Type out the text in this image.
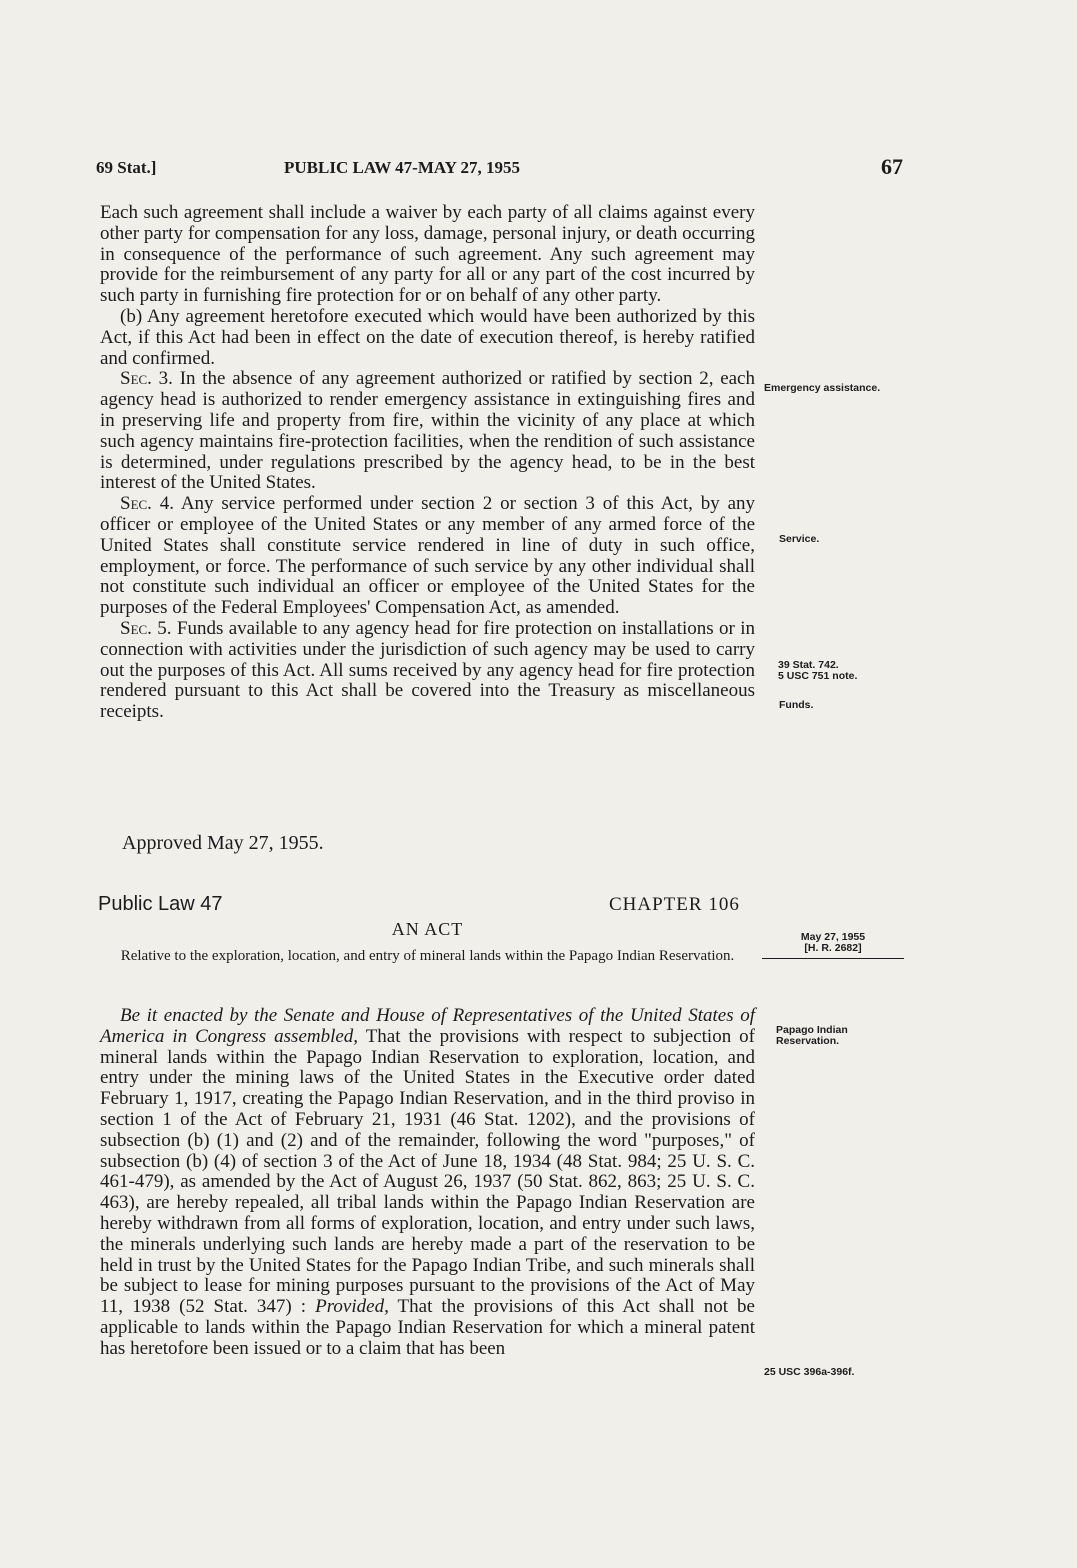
69 Stat.]	PUBLIC LAW 47-MAY 27, 1955	67

Each such agreement shall include a waiver by each party of all claims against every other party for compensation for any loss, damage, personal injury, or death occurring in consequence of the performance of such agreement. Any such agreement may provide for the reimbursement of any party for all or any part of the cost incurred by such party in furnishing fire protection for or on behalf of any other party.

(b) Any agreement heretofore executed which would have been authorized by this Act, if this Act had been in effect on the date of execution thereof, is hereby ratified and confirmed.

Sec. 3. In the absence of any agreement authorized or ratified by section 2, each agency head is authorized to render emergency assistance in extinguishing fires and in preserving life and property from fire, within the vicinity of any place at which such agency maintains fire-protection facilities, when the rendition of such assistance is determined, under regulations prescribed by the agency head, to be in the best interest of the United States.

Sec. 4. Any service performed under section 2 or section 3 of this Act, by any officer or employee of the United States or any member of any armed force of the United States shall constitute service rendered in line of duty in such office, employment, or force. The performance of such service by any other individual shall not constitute such individual an officer or employee of the United States for the purposes of the Federal Employees' Compensation Act, as amended.

Sec. 5. Funds available to any agency head for fire protection on installations or in connection with activities under the jurisdiction of such agency may be used to carry out the purposes of this Act. All sums received by any agency head for fire protection rendered pursuant to this Act shall be covered into the Treasury as miscellaneous receipts.

Approved May 27, 1955.
Public Law 47	CHAPTER 106
AN ACT
Relative to the exploration, location, and entry of mineral lands within the Papago Indian Reservation.

Be it enacted by the Senate and House of Representatives of the United States of America in Congress assembled, That the provisions with respect to subjection of mineral lands within the Papago Indian Reservation to exploration, location, and entry under the mining laws of the United States in the Executive order dated February 1, 1917, creating the Papago Indian Reservation, and in the third proviso in section 1 of the Act of February 21, 1931 (46 Stat. 1202), and the provisions of subsection (b) (1) and (2) and of the remainder, following the word "purposes," of subsection (b) (4) of section 3 of the Act of June 18, 1934 (48 Stat. 984; 25 U. S. C. 461-479), as amended by the Act of August 26, 1937 (50 Stat. 862, 863; 25 U. S. C. 463), are hereby repealed, all tribal lands within the Papago Indian Reservation are hereby withdrawn from all forms of exploration, location, and entry under such laws, the minerals underlying such lands are hereby made a part of the reservation to be held in trust by the United States for the Papago Indian Tribe, and such minerals shall be subject to lease for mining purposes pursuant to the provisions of the Act of May 11, 1938 (52 Stat. 347) : Provided, That the provisions of this Act shall not be applicable to lands within the Papago Indian Reservation for which a mineral patent has heretofore been issued or to a claim that has been

Emergency assistance.
Service.
39 Stat. 742.
5 USC 751 note.
Funds.
May 27, 1955
[H. R. 2682]
Papago Indian Reservation.
25 USC 396a-396f.
